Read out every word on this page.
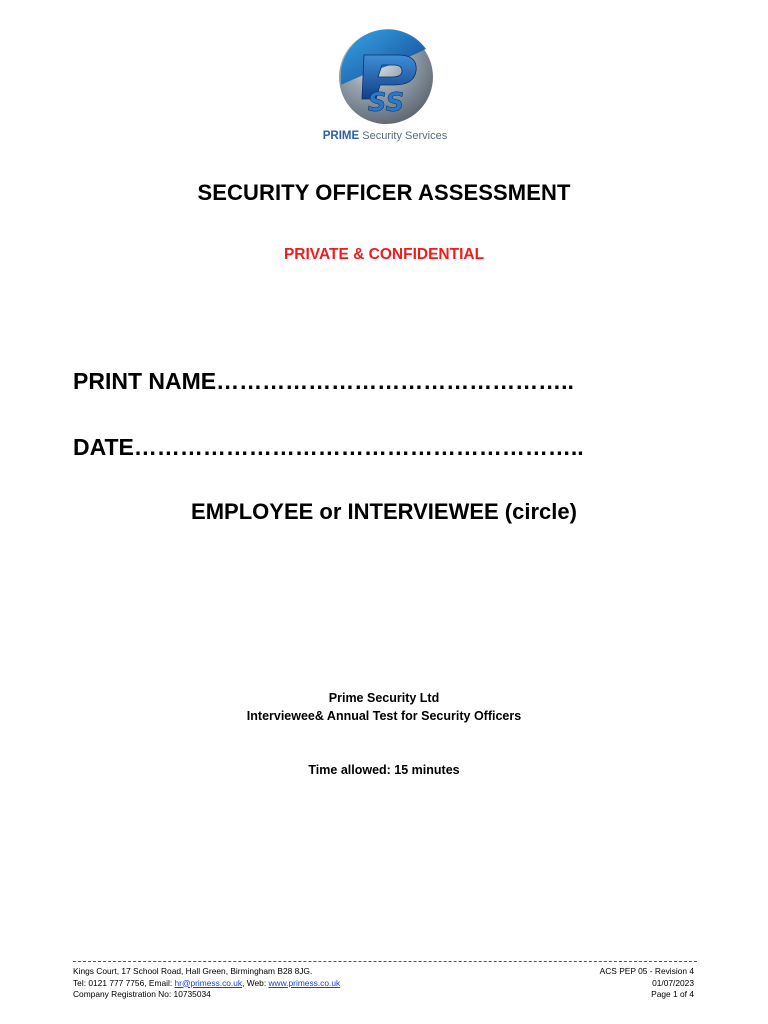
SS
PRIME Security Services
SECURITY OFFICER ASSESSMENT
PRIVATE & CONFIDENTIAL
PRINT NAME………………………………………..
DATE…………………………………………………..
EMPLOYEE or INTERVIEWEE (circle)
Prime Security Ltd
Interviewee& Annual Test for Security Officers
Time allowed: 15 minutes
Kings Court, 17 School Road, Hall Green, Birmingham B28 8JG.
Tel: 0121 777 7756, Email: hr@primess.co.uk, Web: www.primess.co.uk
Company Registration No: 10735034
ACS PEP 05 - Revision 4
01/07/2023
Page 1 of 4
